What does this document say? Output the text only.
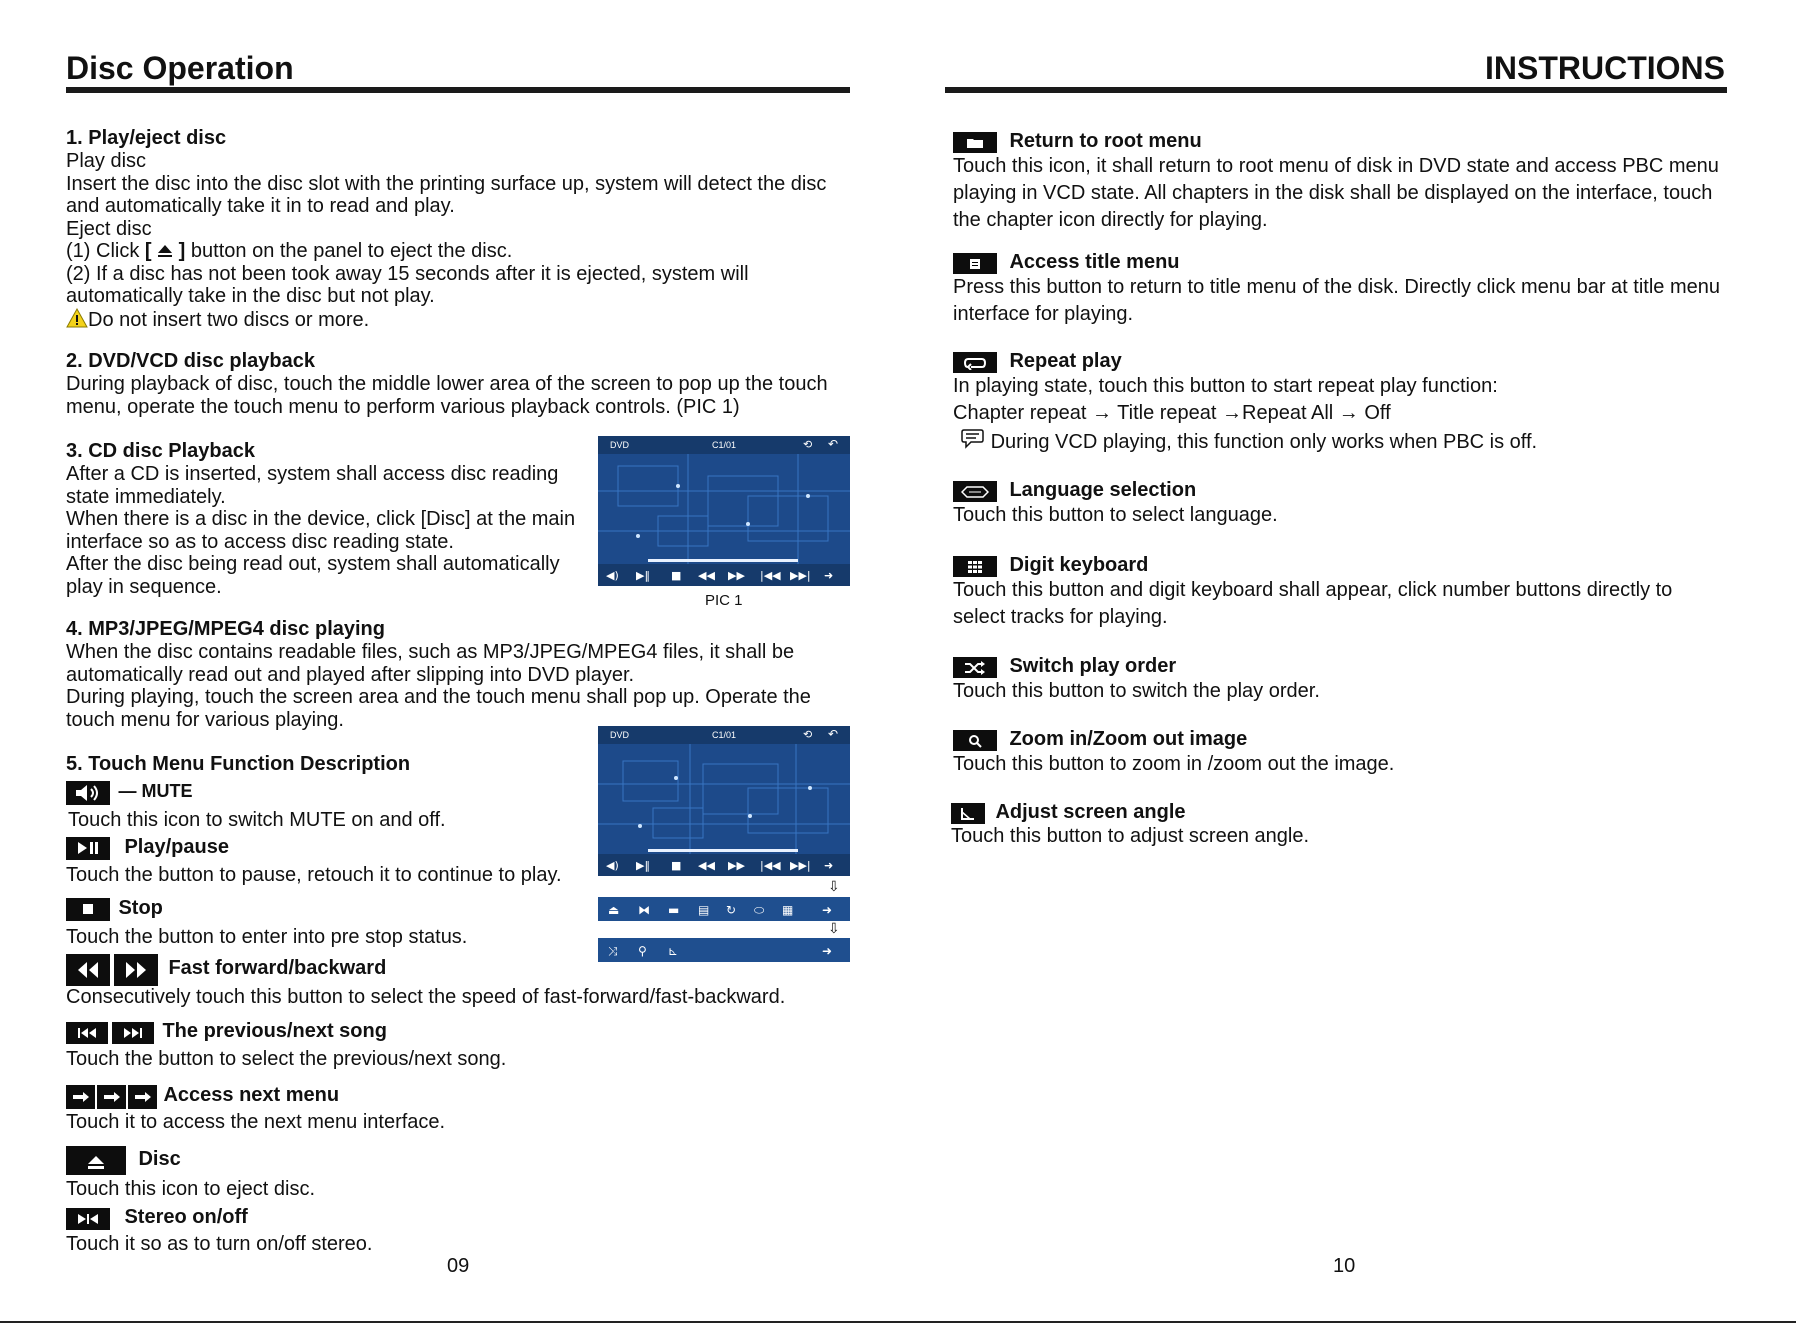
Disc Operation
1. Play/eject disc
Play disc
Insert the disc into the disc slot with the printing surface up, system will detect the disc
and automatically take it in to read and play.
Eject disc
(1) Click [  ] button on the panel to eject the disc.
(2) If a disc has not been took away 15 seconds after it is ejected, system will
automatically take in the disc but not play.
Do not insert two discs or more.
2. DVD/VCD disc playback
During playback of disc, touch the middle lower area of the screen to pop up the touch
menu, operate the touch menu to perform various playback controls. (PIC 1)
3. CD disc Playback
After a CD is inserted, system shall access disc reading
state immediately.
When there is a disc in the device, click [Disc] at the main
interface so as to access disc reading state.
After the disc being read out, system shall automatically
play in sequence.
DVD	C1/01	⟲ ↶
◀) ▶‖ ■ ◀◀ ▶▶ |◀◀ ▶▶| ➜
PIC 1
4. MP3/JPEG/MPEG4 disc playing
When the disc contains readable files, such as MP3/JPEG/MPEG4 files, it shall be
automatically read out and played after slipping into DVD player.
During playing, touch the screen area and the touch menu shall pop up. Operate the
touch menu for various playing.
DVD	C1/01	⟲ ↶
◀) ▶‖ ■ ◀◀ ▶▶ |◀◀ ▶▶| ➜
⇩
⏏ ⧓ ▬ ▤ ↻ ⬭ ▦ ➜
⇩
⤨ ⚲ ⊾	➜
5. Touch Menu Function Description
— MUTE
Touch this icon to switch MUTE on and off.
Play/pause
Touch the button to pause, retouch it to continue to play.
Stop
Touch the button to enter into pre stop status.
Fast forward/backward
Consecutively touch this button to select the speed of fast-forward/fast-backward.
The previous/next song
Touch the button to select the previous/next song.
Access next menu
Touch it to access the next menu interface.
Disc
Touch this icon to eject disc.
Stereo on/off
Touch it so as to turn on/off stereo.
09
INSTRUCTIONS
Return to root menu
Touch this icon, it shall return to root menu of disk in DVD state and access PBC menu
playing in VCD state. All chapters in the disk shall be displayed on the interface, touch
the chapter icon directly for playing.
Access title menu
Press this button to return to title menu of the disk. Directly click menu bar at title menu
interface for playing.
Repeat play
In playing state, touch this button to start repeat play function:
Chapter repeat → Title repeat →Repeat All → Off
During VCD playing, this function only works when PBC is off.
Language selection
Touch this button to select language.
Digit keyboard
Touch this button and digit keyboard shall appear, click number buttons directly to
select tracks for playing.
Switch play order
Touch this button to switch the play order.
Zoom in/Zoom out image
Touch this button to zoom in /zoom out the image.
Adjust screen angle
Touch this button to adjust screen angle.
10
